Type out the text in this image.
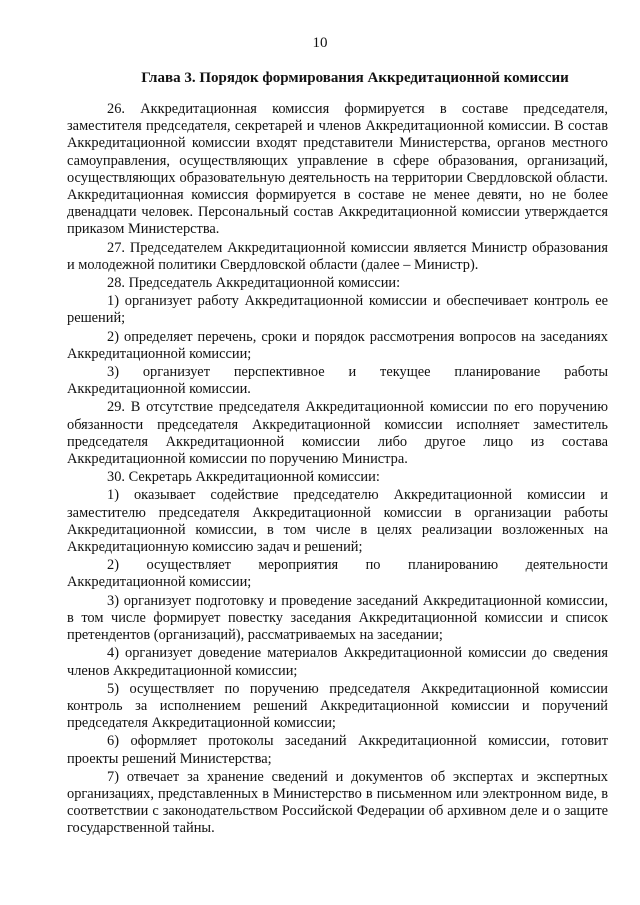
10
Глава 3. Порядок формирования Аккредитационной комиссии

26. Аккредитационная комиссия формируется в составе председателя, заместителя председателя, секретарей и членов Аккредитационной комиссии. В состав Аккредитационной комиссии входят представители Министерства, органов местного самоуправления, осуществляющих управление в сфере образования, организаций, осуществляющих образовательную деятельность на территории Свердловской области. Аккредитационная комиссия формируется в составе не менее девяти, но не более двенадцати человек. Персональный состав Аккредитационной комиссии утверждается приказом Министерства.

27. Председателем Аккредитационной комиссии является Министр образования и молодежной политики Свердловской области (далее – Министр).

28. Председатель Аккредитационной комиссии:

1) организует работу Аккредитационной комиссии и обеспечивает контроль ее решений;

2) определяет перечень, сроки и порядок рассмотрения вопросов на заседаниях Аккредитационной комиссии;

3) организует перспективное и текущее планирование работы Аккредитационной комиссии.

29. В отсутствие председателя Аккредитационной комиссии по его поручению обязанности председателя Аккредитационной комиссии исполняет заместитель председателя Аккредитационной комиссии либо другое лицо из состава Аккредитационной комиссии по поручению Министра.

30. Секретарь Аккредитационной комиссии:

1) оказывает содействие председателю Аккредитационной комиссии и заместителю председателя Аккредитационной комиссии в организации работы Аккредитационной комиссии, в том числе в целях реализации возложенных на Аккредитационную комиссию задач и решений;

2) осуществляет мероприятия по планированию деятельности Аккредитационной комиссии;

3) организует подготовку и проведение заседаний Аккредитационной комиссии, в том числе формирует повестку заседания Аккредитационной комиссии и список претендентов (организаций), рассматриваемых на заседании;

4) организует доведение материалов Аккредитационной комиссии до сведения членов Аккредитационной комиссии;

5) осуществляет по поручению председателя Аккредитационной комиссии контроль за исполнением решений Аккредитационной комиссии и поручений председателя Аккредитационной комиссии;

6) оформляет протоколы заседаний Аккредитационной комиссии, готовит проекты решений Министерства;

7) отвечает за хранение сведений и документов об экспертах и экспертных организациях, представленных в Министерство в письменном или электронном виде, в соответствии с законодательством Российской Федерации об архивном деле и о защите государственной тайны.
